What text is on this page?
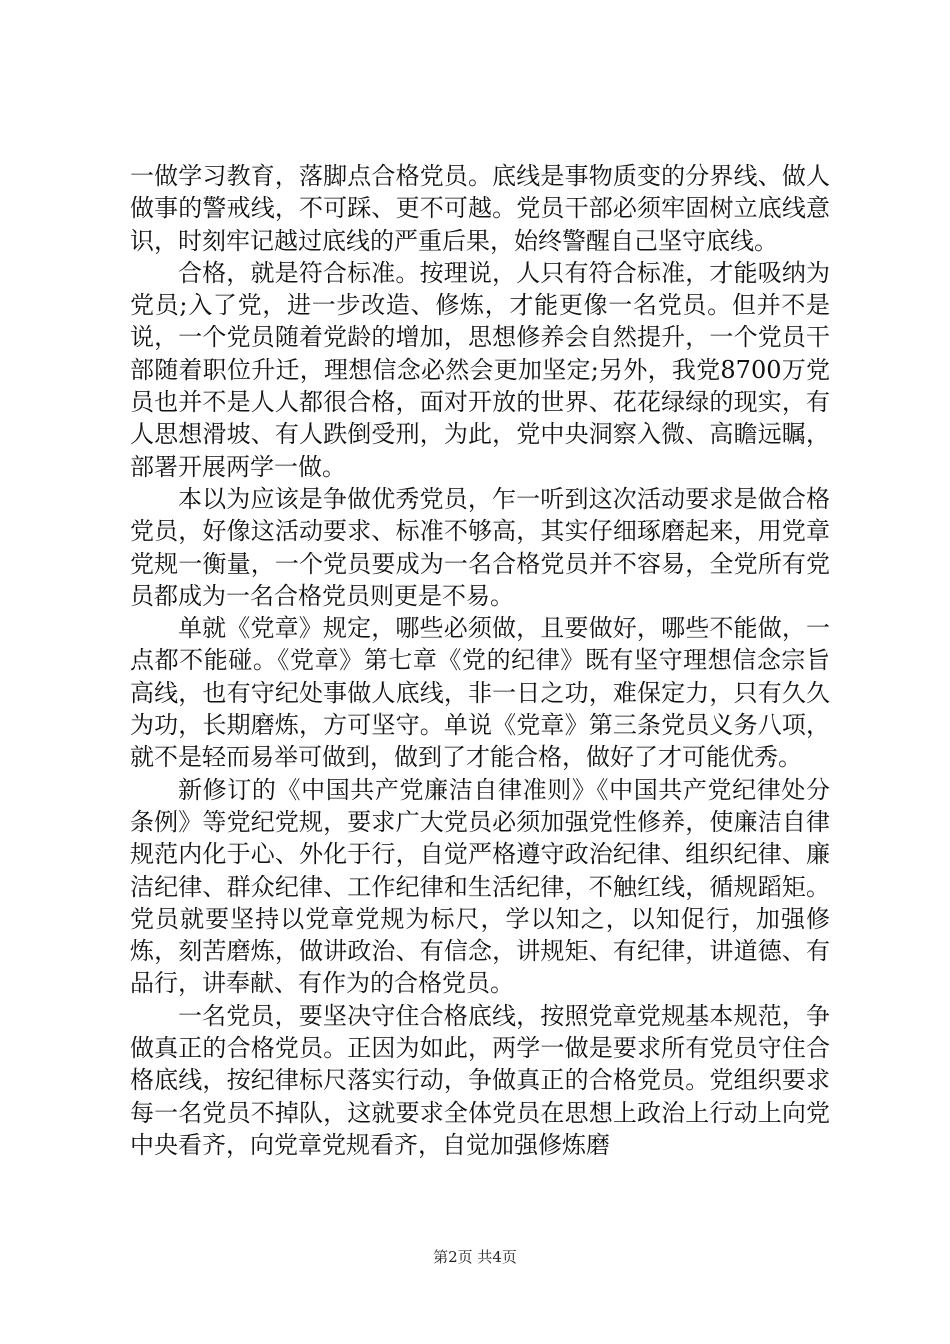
一做学习教育，落脚点合格党员。底线是事物质变的分界线、做人做事的警戒线，不可踩、更不可越。党员干部必须牢固树立底线意识，时刻牢记越过底线的严重后果，始终警醒自己坚守底线。

合格，就是符合标准。按理说，人只有符合标准，才能吸纳为党员;入了党，进一步改造、修炼，才能更像一名党员。但并不是说，一个党员随着党龄的增加，思想修养会自然提升，一个党员干部随着职位升迁，理想信念必然会更加坚定;另外，我党8700万党员也并不是人人都很合格，面对开放的世界、花花绿绿的现实，有人思想滑坡、有人跌倒受刑，为此，党中央洞察入微、高瞻远瞩，部署开展两学一做。

本以为应该是争做优秀党员，乍一听到这次活动要求是做合格党员，好像这活动要求、标准不够高，其实仔细琢磨起来，用党章党规一衡量，一个党员要成为一名合格党员并不容易，全党所有党员都成为一名合格党员则更是不易。

单就《党章》规定，哪些必须做，且要做好，哪些不能做，一点都不能碰。《党章》第七章《党的纪律》既有坚守理想信念宗旨高线，也有守纪处事做人底线，非一日之功，难保定力，只有久久为功，长期磨炼，方可坚守。单说《党章》第三条党员义务八项，就不是轻而易举可做到，做到了才能合格，做好了才可能优秀。

新修订的《中国共产党廉洁自律准则》《中国共产党纪律处分条例》等党纪党规，要求广大党员必须加强党性修养，使廉洁自律规范内化于心、外化于行，自觉严格遵守政治纪律、组织纪律、廉洁纪律、群众纪律、工作纪律和生活纪律，不触红线，循规蹈矩。党员就要坚持以党章党规为标尺，学以知之，以知促行，加强修炼，刻苦磨炼，做讲政治、有信念，讲规矩、有纪律，讲道德、有品行，讲奉献、有作为的合格党员。

一名党员，要坚决守住合格底线，按照党章党规基本规范，争做真正的合格党员。正因为如此，两学一做是要求所有党员守住合格底线，按纪律标尺落实行动，争做真正的合格党员。党组织要求每一名党员不掉队，这就要求全体党员在思想上政治上行动上向党中央看齐，向党章党规看齐，自觉加强修炼磨

第2页 共4页
